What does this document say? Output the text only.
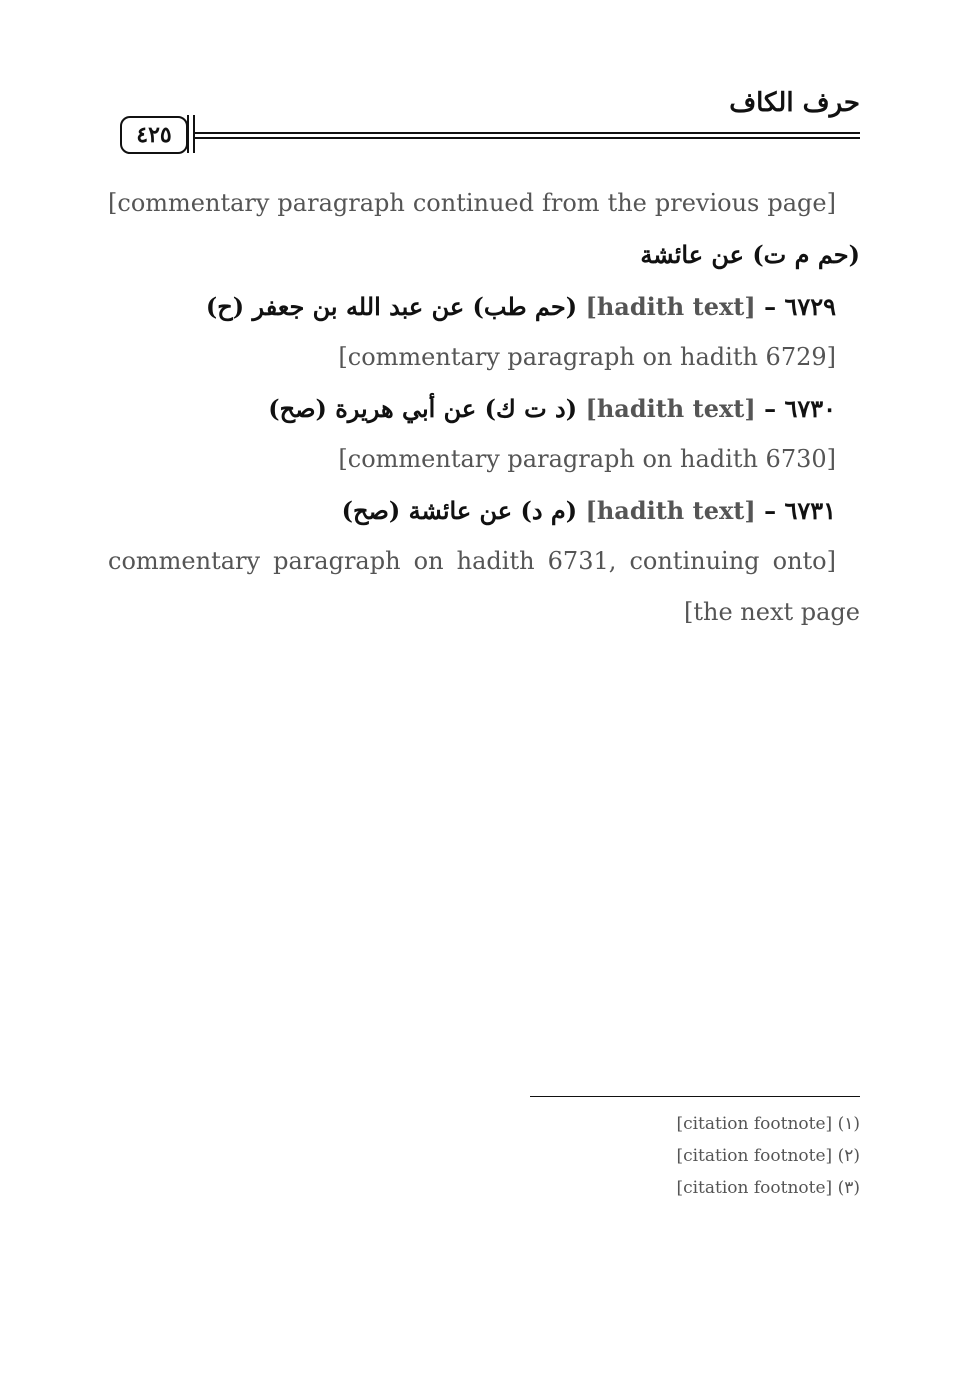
حرف الكاف
٤٢٥

[commentary paragraph continued from the previous page] (حم م ت) عن عائشة

٦٧٢٩ – [hadith text] (حم طب) عن عبد الله بن جعفر (ح)

[commentary paragraph on hadith 6729]

٦٧٣٠ – [hadith text] (د ت ك) عن أبي هريرة (صح)

[commentary paragraph on hadith 6730]

٦٧٣١ – [hadith text] (م د) عن عائشة (صح)

[commentary paragraph on hadith 6731, continuing onto the next page]

(١) [citation footnote]

(٢) [citation footnote]

(٣) [citation footnote]
